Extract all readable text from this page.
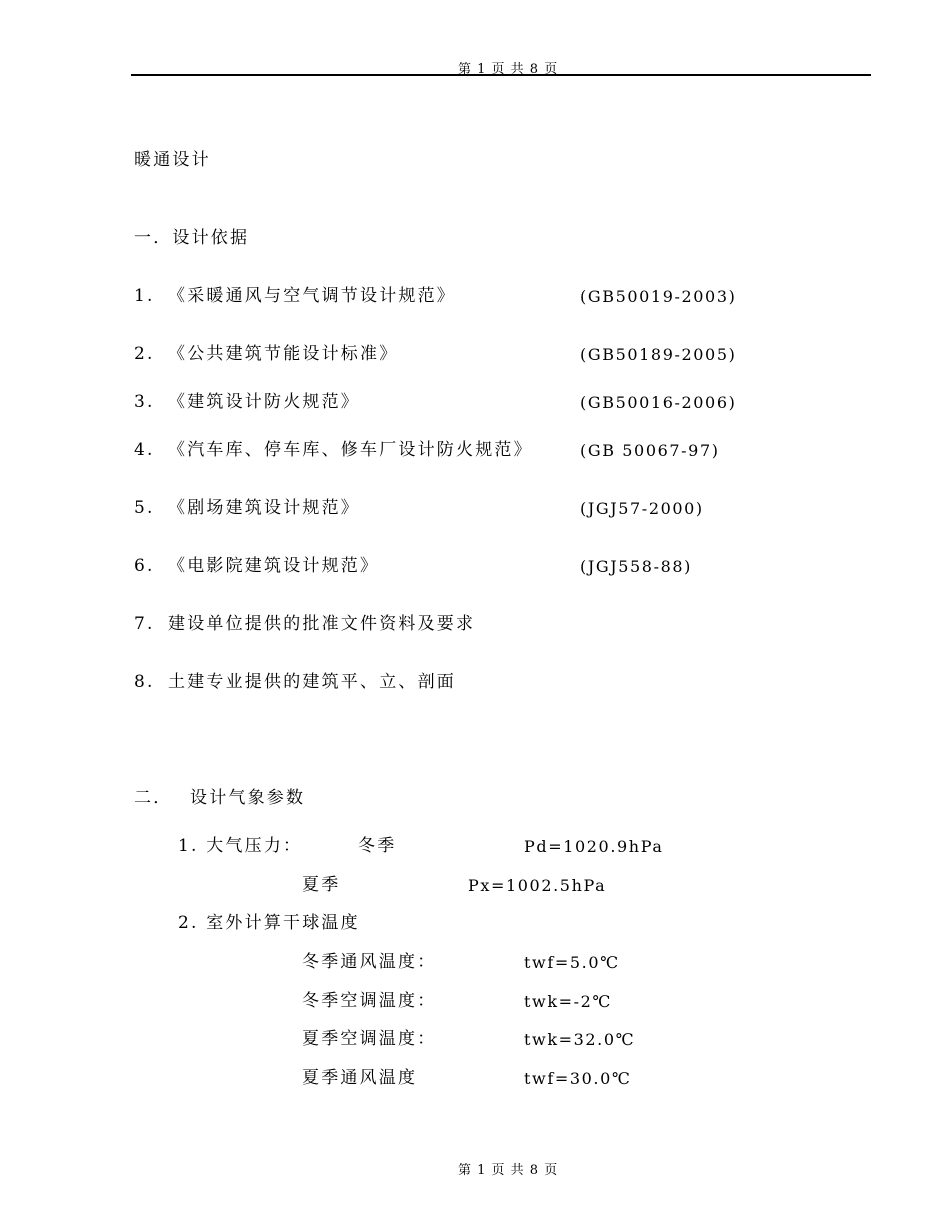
第 1 页 共 8 页
暖通设计
一．设计依据
1. 《采暖通风与空气调节设计规范》	(GB50019-2003)
2. 《公共建筑节能设计标准》	(GB50189-2005)
3. 《建筑设计防火规范》	(GB50016-2006)
4. 《汽车库、停车库、修车厂设计防火规范》	(GB 50067-97)
5. 《剧场建筑设计规范》	(JGJ57-2000)
6. 《电影院建筑设计规范》	(JGJ558-88)
7. 建设单位提供的批准文件资料及要求
8. 土建专业提供的建筑平、立、剖面
二． 设计气象参数
1. 大气压力：	冬季	Pd=1020.9hPa
夏季	Px=1002.5hPa
2. 室外计算干球温度
冬季通风温度：	twf=5.0℃
冬季空调温度：	twk=-2℃
夏季空调温度：	twk=32.0℃
夏季通风温度	twf=30.0℃
第 1 页 共 8 页
